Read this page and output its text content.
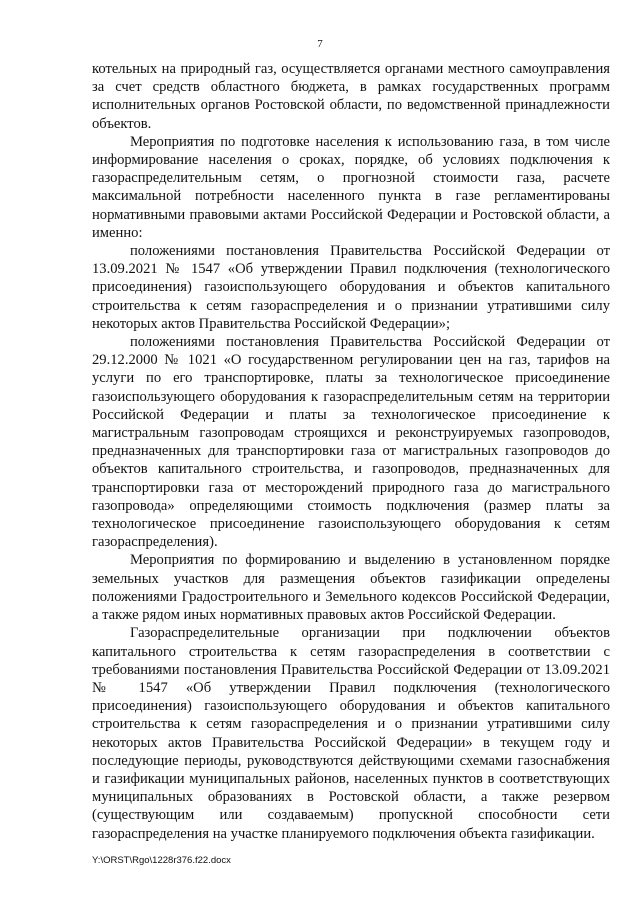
7

котельных на природный газ, осуществляется органами местного самоуправления за счет средств областного бюджета, в рамках государственных программ исполнительных органов Ростовской области, по ведомственной принадлежности объектов.

Мероприятия по подготовке населения к использованию газа, в том числе информирование населения о сроках, порядке, об условиях подключения к газораспределительным сетям, о прогнозной стоимости газа, расчете максимальной потребности населенного пункта в газе регламентированы нормативными правовыми актами Российской Федерации и Ростовской области, а именно:

положениями постановления Правительства Российской Федерации от 13.09.2021 № 1547 «Об утверждении Правил подключения (технологического присоединения) газоиспользующего оборудования и объектов капитального строительства к сетям газораспределения и о признании утратившими силу некоторых актов Правительства Российской Федерации»;

положениями постановления Правительства Российской Федерации от 29.12.2000 № 1021 «О государственном регулировании цен на газ, тарифов на услуги по его транспортировке, платы за технологическое присоединение газоиспользующего оборудования к газораспределительным сетям на территории Российской Федерации и платы за технологическое присоединение к магистральным газопроводам строящихся и реконструируемых газопроводов, предназначенных для транспортировки газа от магистральных газопроводов до объектов капитального строительства, и газопроводов, предназначенных для транспортировки газа от месторождений природного газа до магистрального газопровода» определяющими стоимость подключения (размер платы за технологическое присоединение газоиспользующего оборудования к сетям газораспределения).

Мероприятия по формированию и выделению в установленном порядке земельных участков для размещения объектов газификации определены положениями Градостроительного и Земельного кодексов Российской Федерации, а также рядом иных нормативных правовых актов Российской Федерации.

Газораспределительные организации при подключении объектов капитального строительства к сетям газораспределения в соответствии с требованиями постановления Правительства Российской Федерации от 13.09.2021 № 1547 «Об утверждении Правил подключения (технологического присоединения) газоиспользующего оборудования и объектов капитального строительства к сетям газораспределения и о признании утратившими силу некоторых актов Правительства Российской Федерации» в текущем году и последующие периоды, руководствуются действующими схемами газоснабжения и газификации муниципальных районов, населенных пунктов в соответствующих муниципальных образованиях в Ростовской области, а также резервом (существующим или создаваемым) пропускной способности сети газораспределения на участке планируемого подключения объекта газификации.

Y:\ORST\Rgo\1228r376.f22.docx
